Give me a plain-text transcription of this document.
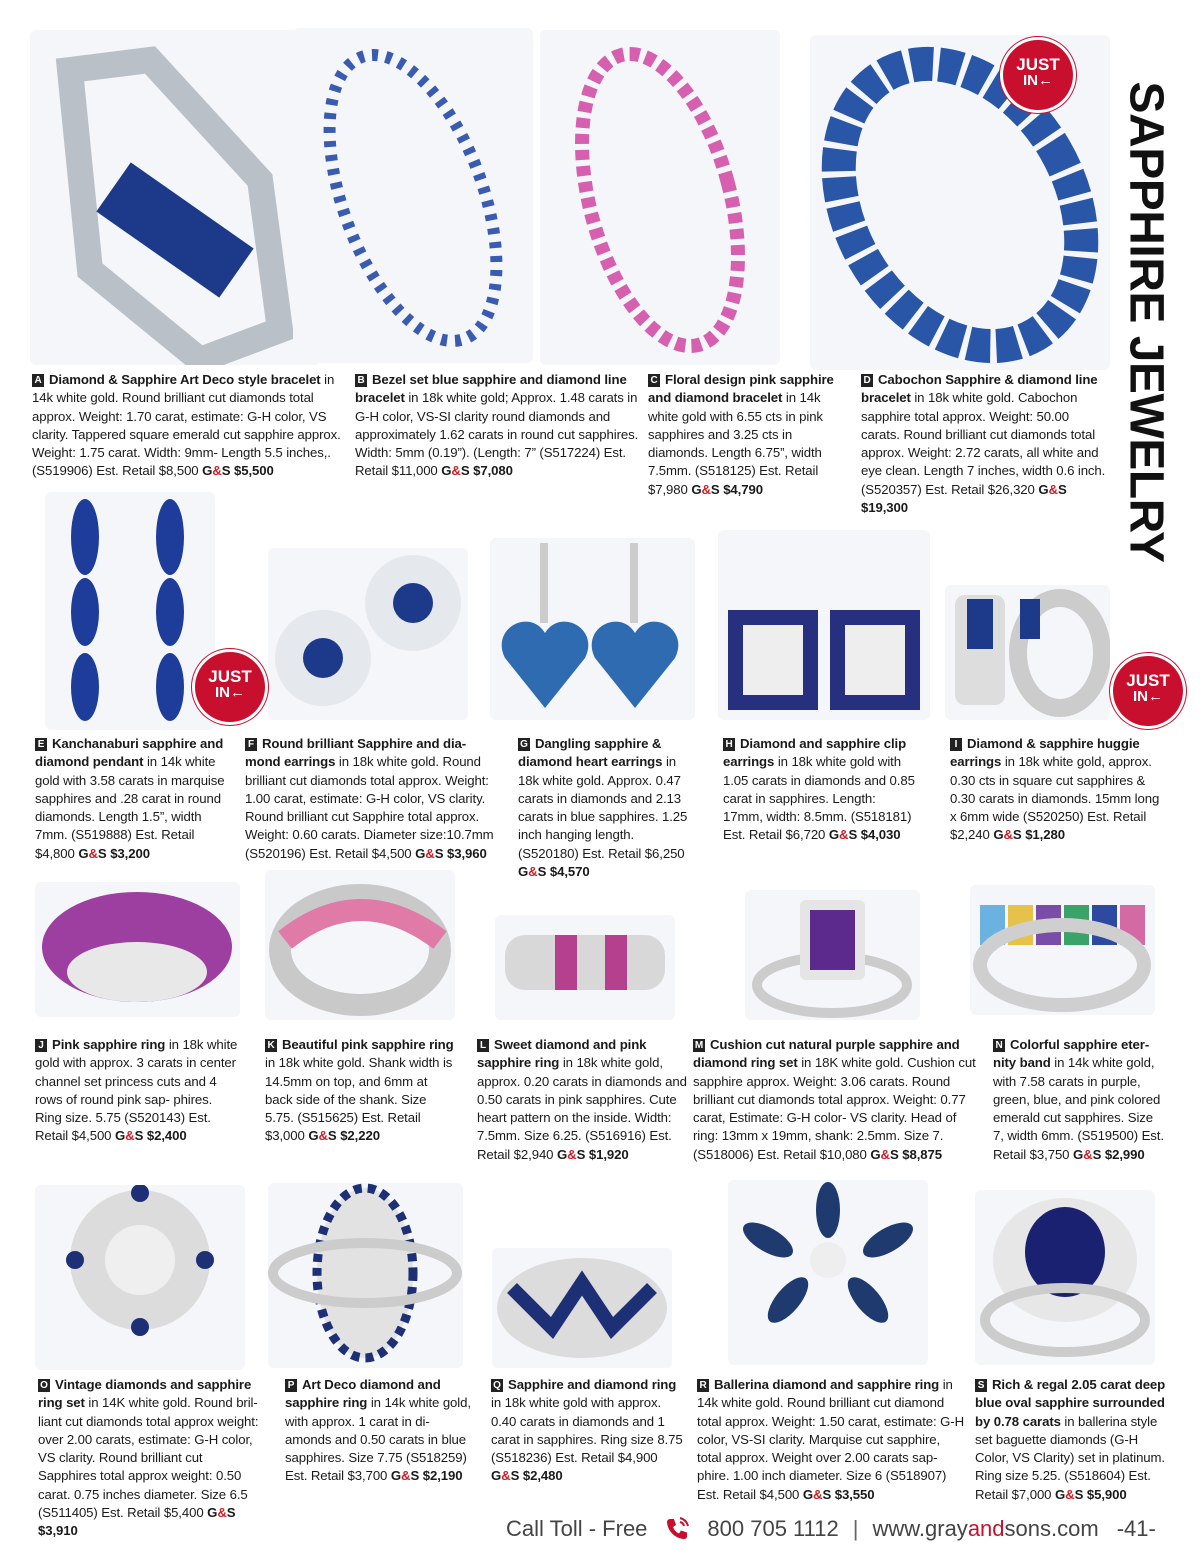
SAPPHIRE JEWELRY
JUST
IN←
JUST
IN←
JUST
IN←

A Diamond & Sapphire Art Deco style bracelet in 14k white gold. Round brilliant cut diamonds total approx. Weight: 1.70 carat, estimate: G-H color, VS clarity. Tappered square emerald cut sapphire approx. Weight: 1.75 carat. Width: 9mm- Length 5.5 inches,. (S519906) Est. Retail $8,500 G&S $5,500

B Bezel set blue sapphire and diamond line bracelet in 18k white gold; Approx. 1.48 carats in G-H color, VS-SI clarity round diamonds and approximately 1.62 carats in round cut sapphires. Width: 5mm (0.19”). (Length: 7” (S517224) Est. Retail $11,000 G&S $7,080

C Floral design pink sapphire and diamond bracelet in 14k white gold with 6.55 cts in pink sapphires and 3.25 cts in diamonds. Length 6.75”, width 7.5mm. (S518125) Est. Retail $7,980 G&S $4,790

D Cabochon Sapphire & diamond line bracelet in 18k white gold. Cabochon sapphire total approx. Weight: 50.00 carats. Round brilliant cut diamonds total approx. Weight: 2.72 carats, all white and eye clean. Length 7 inches, width 0.6 inch. (S520357) Est. Retail $26,320 G&S $19,300

E Kanchanaburi sapphire and diamond pendant in 14k white gold with 3.58 carats in marquise sapphires and .28 carat in round diamonds. Length 1.5”, width 7mm. (S519888) Est. Retail $4,800 G&S $3,200

F Round brilliant Sapphire and dia- mond earrings in 18k white gold. Round brilliant cut diamonds total approx. Weight: 1.00 carat, estimate: G-H color, VS clarity. Round brilliant cut Sapphire total approx. Weight: 0.60 carats. Diameter size:10.7mm (S520196) Est. Retail $4,500 G&S $3,960

G Dangling sapphire & diamond heart earrings in 18k white gold. Approx. 0.47 carats in diamonds and 2.13 carats in blue sapphires. 1.25 inch hanging length. (S520180) Est. Retail $6,250 G&S $4,570

H Diamond and sapphire clip earrings in 18k white gold with 1.05 carats in diamonds and 0.85 carat in sapphires. Length: 17mm, width: 8.5mm. (S518181) Est. Retail $6,720 G&S $4,030

I Diamond & sapphire huggie earrings in 18k white gold, approx. 0.30 cts in square cut sapphires & 0.30 carats in diamonds. 15mm long x 6mm wide (S520250) Est. Retail $2,240 G&S $1,280

J Pink sapphire ring in 18k white gold with approx. 3 carats in center channel set princess cuts and 4 rows of round pink sap- phires. Ring size. 5.75 (S520143) Est. Retail $4,500 G&S $2,400

K Beautiful pink sapphire ring in 18k white gold. Shank width is 14.5mm on top, and 6mm at back side of the shank. Size 5.75. (S515625) Est. Retail $3,000 G&S $2,220

L Sweet diamond and pink sapphire ring in 18k white gold, approx. 0.20 carats in diamonds and 0.50 carats in pink sapphires. Cute heart pattern on the inside. Width: 7.5mm. Size 6.25. (S516916) Est. Retail $2,940 G&S $1,920

M Cushion cut natural purple sapphire and diamond ring set in 18K white gold. Cushion cut sapphire approx. Weight: 3.06 carats. Round brilliant cut diamonds total approx. Weight: 0.77 carat, Estimate: G-H color- VS clarity. Head of ring: 13mm x 19mm, shank: 2.5mm. Size 7. (S518006) Est. Retail $10,080 G&S $8,875

N Colorful sapphire eter- nity band in 14k white gold, with 7.58 carats in purple, green, blue, and pink colored emerald cut sapphires. Size 7, width 6mm. (S519500) Est. Retail $3,750 G&S $2,990

O Vintage diamonds and sapphire ring set in 14K white gold. Round bril- liant cut diamonds total approx weight: over 2.00 carats, estimate: G-H color, VS clarity. Round brilliant cut Sapphires total approx weight: 0.50 carat. 0.75 inches diameter. Size 6.5 (S511405) Est. Retail $5,400 G&S $3,910

P Art Deco diamond and sapphire ring in 14k white gold, with approx. 1 carat in di- amonds and 0.50 carats in blue sapphires. Size 7.75 (S518259) Est. Retail $3,700 G&S $2,190

Q Sapphire and diamond ring in 18k white gold with approx. 0.40 carats in diamonds and 1 carat in sapphires. Ring size 8.75 (S518236) Est. Retail $4,900 G&S $2,480

R Ballerina diamond and sapphire ring in 14k white gold. Round brilliant cut diamond total approx. Weight: 1.50 carat, estimate: G-H color, VS-SI clarity. Marquise cut sapphire, total approx. Weight over 2.00 carats sap- phire. 1.00 inch diameter. Size 6 (S518907) Est. Retail $4,500 G&S $3,550

S Rich & regal 2.05 carat deep blue oval sapphire surrounded by 0.78 carats in ballerina style set baguette diamonds (G-H Color, VS Clarity) set in platinum. Ring size 5.25. (S518604) Est. Retail $7,000 G&S $5,900

Call Toll - Free	800 705 1112 | www.grayandsons.com -41-
